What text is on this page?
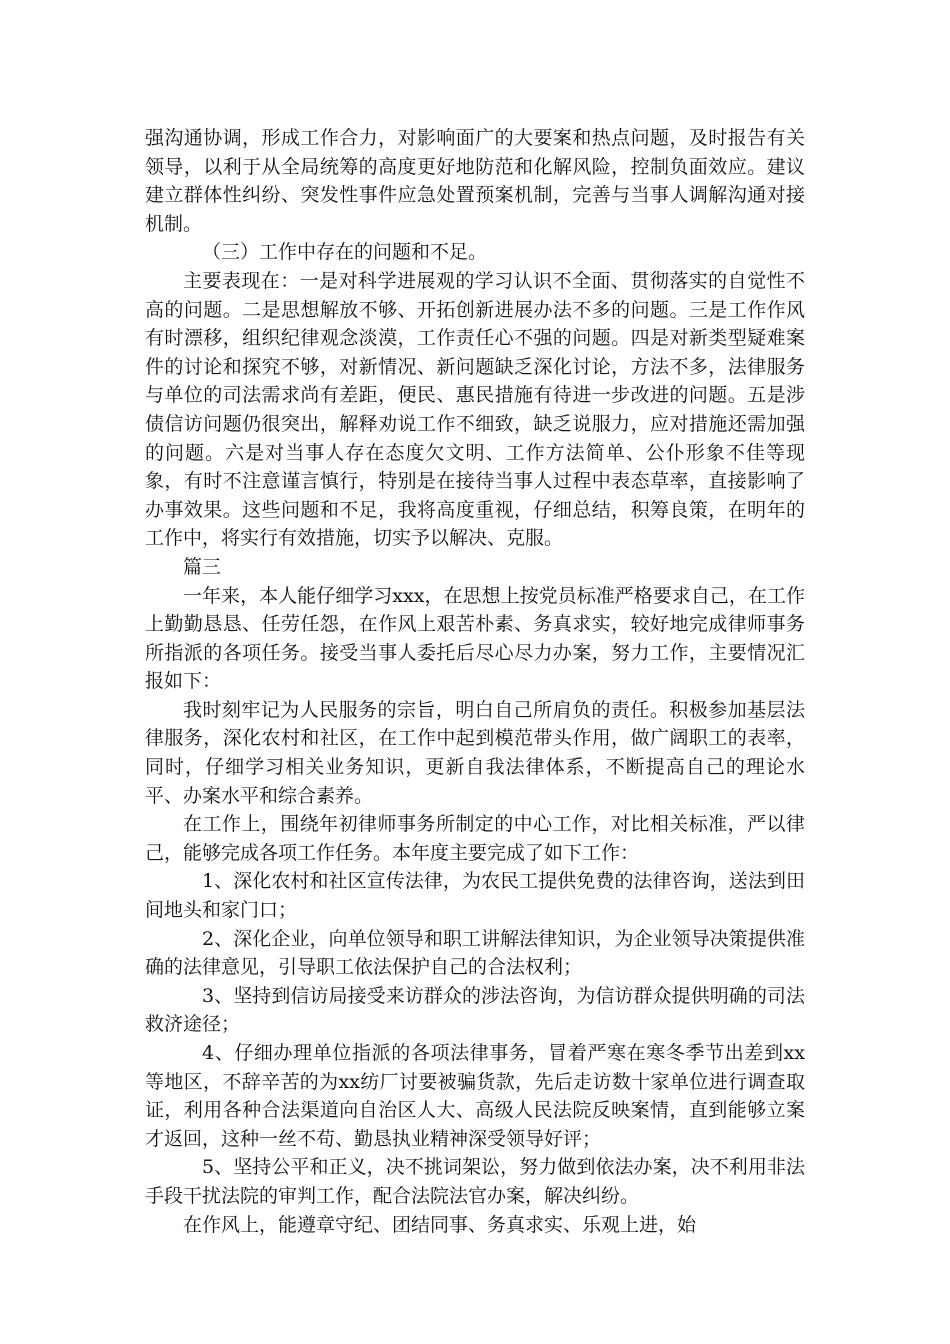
强沟通协调，形成工作合力，对影响面广的大要案和热点问题，及时报告有关领导，以利于从全局统筹的高度更好地防范和化解风险，控制负面效应。建议建立群体性纠纷、突发性事件应急处置预案机制，完善与当事人调解沟通对接机制。

（三）工作中存在的问题和不足。

主要表现在：一是对科学进展观的学习认识不全面、贯彻落实的自觉性不高的问题。二是思想解放不够、开拓创新进展办法不多的问题。三是工作作风有时漂移，组织纪律观念淡漠，工作责任心不强的问题。四是对新类型疑难案件的讨论和探究不够，对新情况、新问题缺乏深化讨论，方法不多，法律服务与单位的司法需求尚有差距，便民、惠民措施有待进一步改进的问题。五是涉债信访问题仍很突出，解释劝说工作不细致，缺乏说服力，应对措施还需加强的问题。六是对当事人存在态度欠文明、工作方法简单、公仆形象不佳等现象，有时不注意谨言慎行，特别是在接待当事人过程中表态草率，直接影响了办事效果。这些问题和不足，我将高度重视，仔细总结，积筹良策，在明年的工作中，将实行有效措施，切实予以解决、克服。

篇三

一年来，本人能仔细学习xxx，在思想上按党员标准严格要求自己，在工作上勤勤恳恳、任劳任怨，在作风上艰苦朴素、务真求实，较好地完成律师事务所指派的各项任务。接受当事人委托后尽心尽力办案，努力工作，主要情况汇报如下：

我时刻牢记为人民服务的宗旨，明白自己所肩负的责任。积极参加基层法律服务，深化农村和社区，在工作中起到模范带头作用，做广阔职工的表率，同时，仔细学习相关业务知识，更新自我法律体系，不断提高自己的理论水平、办案水平和综合素养。

在工作上，围绕年初律师事务所制定的中心工作，对比相关标准，严以律己，能够完成各项工作任务。本年度主要完成了如下工作：

1、深化农村和社区宣传法律，为农民工提供免费的法律咨询，送法到田间地头和家门口；

2、深化企业，向单位领导和职工讲解法律知识，为企业领导决策提供准确的法律意见，引导职工依法保护自己的合法权利；

3、坚持到信访局接受来访群众的涉法咨询，为信访群众提供明确的司法救济途径；

4、仔细办理单位指派的各项法律事务，冒着严寒在寒冬季节出差到xx等地区，不辞辛苦的为xx纺厂讨要被骗货款，先后走访数十家单位进行调查取证，利用各种合法渠道向自治区人大、高级人民法院反映案情，直到能够立案才返回，这种一丝不苟、勤恳执业精神深受领导好评；

5、坚持公平和正义，决不挑词架讼，努力做到依法办案，决不利用非法手段干扰法院的审判工作，配合法院法官办案，解决纠纷。

在作风上，能遵章守纪、团结同事、务真求实、乐观上进，始
